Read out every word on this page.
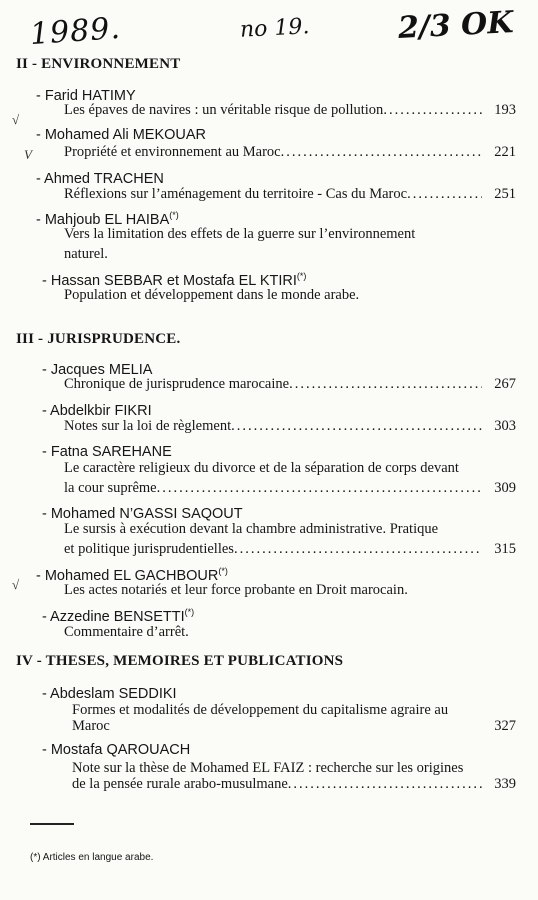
1989.	no 19.	2/3 OK
√
V
√
II - ENVIRONNEMENT
- Farid HATIMY
Les épaves de navires : un véritable risque de pollution .....	193
- Mohamed Ali MEKOUAR
Propriété et environnement au Maroc .....	221
- Ahmed TRACHEN
Réflexions sur l’aménagement du territoire - Cas du Maroc .....	251
- Mahjoub EL HAIBA(*)
Vers la limitation des effets de la guerre sur l’environnement
naturel.
- Hassan SEBBAR et Mostafa EL KTIRI(*)
Population et développement dans le monde arabe.
III - JURISPRUDENCE.
- Jacques MELIA
Chronique de jurisprudence marocaine .....	267
- Abdelkbir FIKRI
Notes sur la loi de règlement .....	303
- Fatna SAREHANE
Le caractère religieux du divorce et de la séparation de corps devant
la cour suprême .....	309
- Mohamed N’GASSI SAQOUT
Le sursis à exécution devant la chambre administrative. Pratique
et politique jurisprudentielles .....	315
- Mohamed EL GACHBOUR(*)
Les actes notariés et leur force probante en Droit marocain.
- Azzedine BENSETTI(*)
Commentaire d’arrêt.
IV - THESES, MEMOIRES ET PUBLICATIONS
- Abdeslam SEDDIKI
Formes et modalités de développement du capitalisme agraire au
Maroc	327
- Mostafa QAROUACH
Note sur la thèse de Mohamed EL FAIZ : recherche sur les origines
de la pensée rurale arabo-musulmane .....	339
(*) Articles en langue arabe.
